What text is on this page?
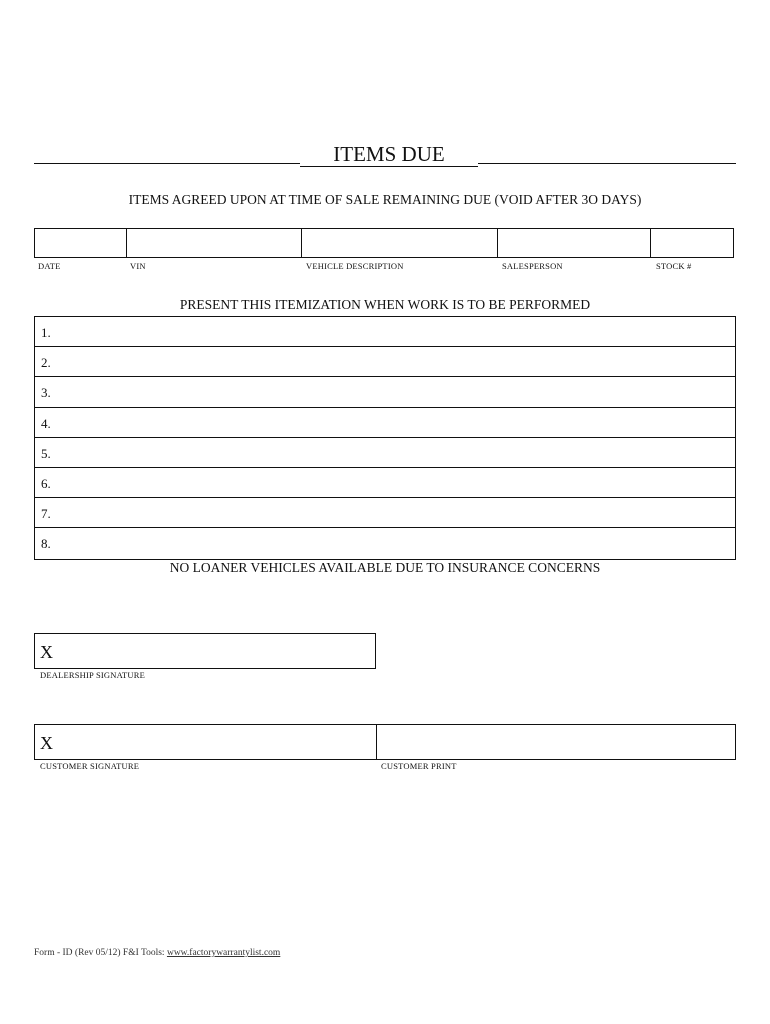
ITEMS DUE
ITEMS AGREED UPON AT TIME OF SALE REMAINING DUE (VOID AFTER 3O DAYS)
DATE	VIN	VEHICLE DESCRIPTION	SALESPERSON	STOCK #
PRESENT THIS ITEMIZATION WHEN WORK IS TO BE PERFORMED
1.
2.
3.
4.
5.
6.
7.
8.
NO LOANER VEHICLES AVAILABLE DUE TO INSURANCE CONCERNS
X
DEALERSHIP SIGNATURE
X
CUSTOMER SIGNATURE	CUSTOMER PRINT
Form - ID (Rev 05/12) F&I Tools: www.factorywarrantylist.com
